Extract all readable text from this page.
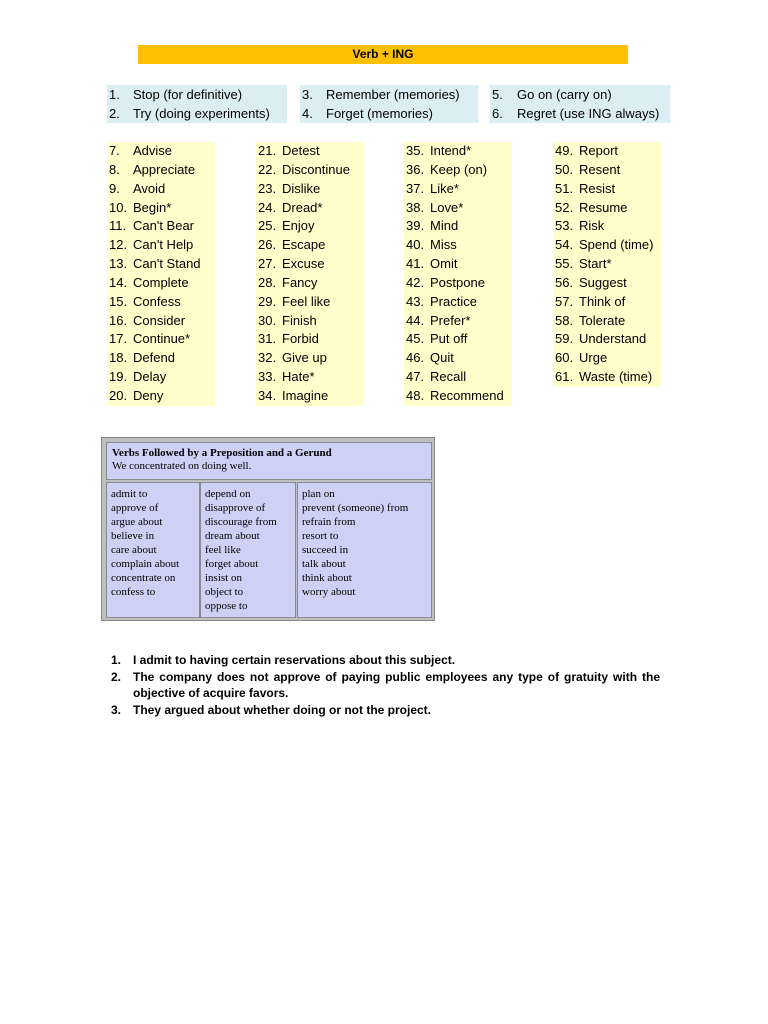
Verb + ING
1. Stop (for definitive)
2. Try (doing experiments)
3. Remember (memories)
4. Forget (memories)
5. Go on (carry on)
6. Regret (use ING always)
7. Advise
8. Appreciate
9. Avoid
10. Begin*
11. Can't Bear
12. Can't Help
13. Can't Stand
14. Complete
15. Confess
16. Consider
17. Continue*
18. Defend
19. Delay
20. Deny
21. Detest
22. Discontinue
23. Dislike
24. Dread*
25. Enjoy
26. Escape
27. Excuse
28. Fancy
29. Feel like
30. Finish
31. Forbid
32. Give up
33. Hate*
34. Imagine
35. Intend*
36. Keep (on)
37. Like*
38. Love*
39. Mind
40. Miss
41. Omit
42. Postpone
43. Practice
44. Prefer*
45. Put off
46. Quit
47. Recall
48. Recommend
49. Report
50. Resent
51. Resist
52. Resume
53. Risk
54. Spend (time)
55. Start*
56. Suggest
57. Think of
58. Tolerate
59. Understand
60. Urge
61. Waste (time)
Verbs Followed by a Preposition and a Gerund
We concentrated on doing well.
admit to
approve of
argue about
believe in
care about
complain about
concentrate on
confess to
depend on
disapprove of
discourage from
dream about
feel like
forget about
insist on
object to
oppose to
plan on
prevent (someone) from
refrain from
resort to
succeed in
talk about
think about
worry about
1. I admit to having certain reservations about this subject.
2. The company does not approve of paying public employees any type of gratuity with the objective of acquire favors.
3. They argued about whether doing or not the project.
